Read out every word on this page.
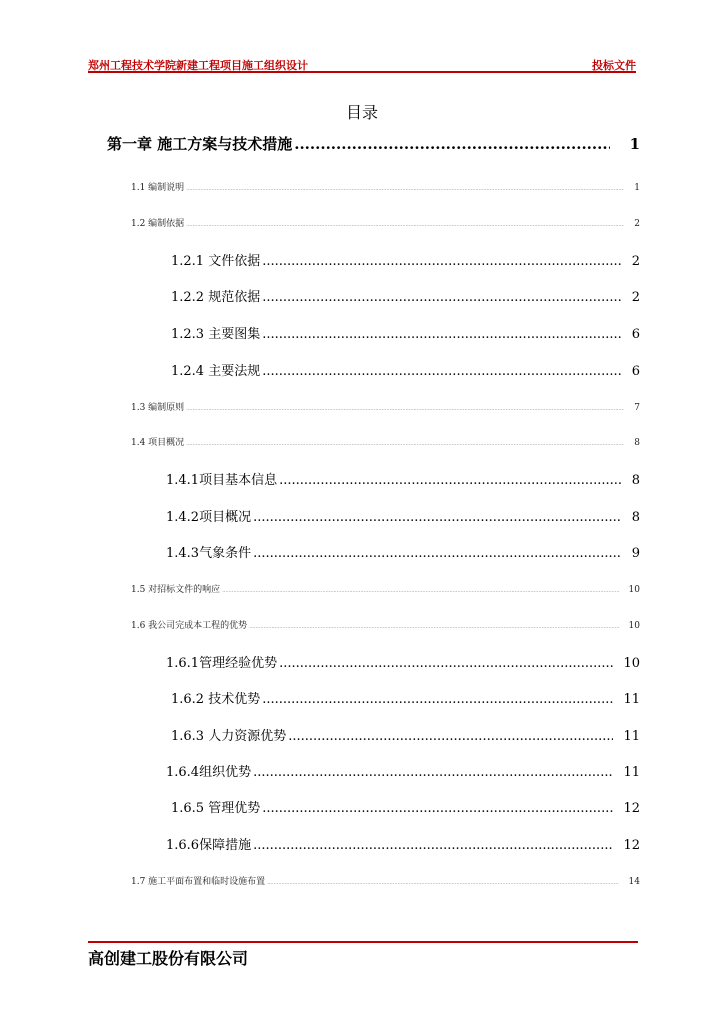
郑州工程技术学院新建工程项目施工组织设计	投标文件
目录
第一章 施工方案与技术措施 .....	1
1.1 编制说明 .....	1
1.2 编制依据 .....	2
1.2.1 文件依据 .....	2
1.2.2 规范依据 .....	2
1.2.3 主要图集 .....	6
1.2.4 主要法规 .....	6
1.3 编制原则 .....	7
1.4 项目概况 .....	8
1.4.1项目基本信息 .....	8
1.4.2项目概况 .....	8
1.4.3气象条件 .....	9
1.5 对招标文件的响应 .....	10
1.6 我公司完成本工程的优势 .....	10
1.6.1管理经验优势 .....	10
1.6.2 技术优势 .....	11
1.6.3 人力资源优势 .....	11
1.6.4组织优势 .....	11
1.6.5 管理优势 .....	12
1.6.6保障措施 .....	12
1.7 施工平面布置和临时设施布置 .....	14
高创建工股份有限公司
